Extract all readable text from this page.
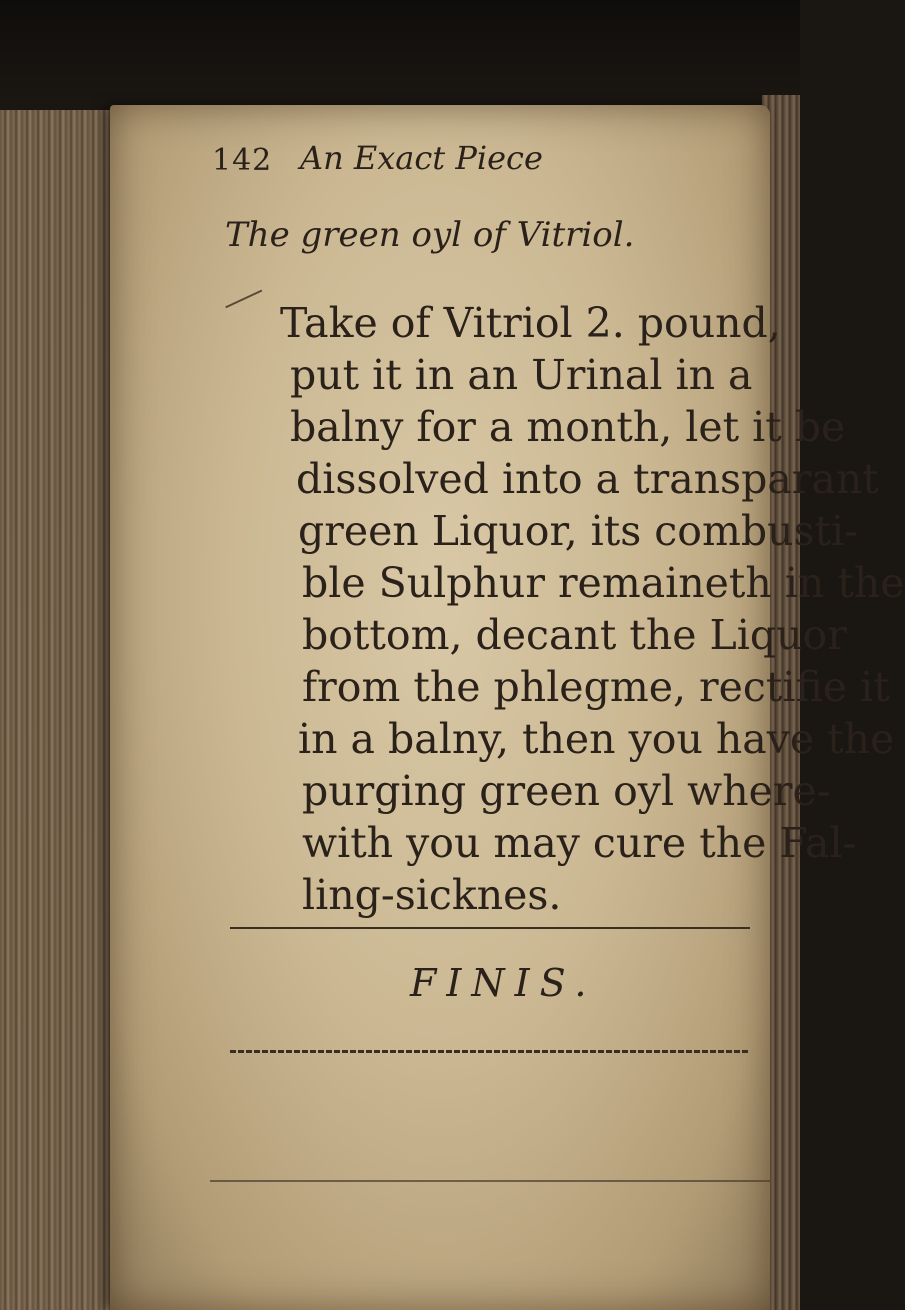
142 An Exact Piece
The green oyl of Vitriol.
Take of Vitriol 2. pound,
put it in an Urinal in a
balny for a month, let it be
dissolved into a transparant
green Liquor, its combusti-
ble Sulphur remaineth in the
bottom, decant the Liquor
from the phlegme, rectifie it
in a balny, then you have the
purging green oyl where-
with you may cure the Fal-
ling-sicknes.
FINIS.
